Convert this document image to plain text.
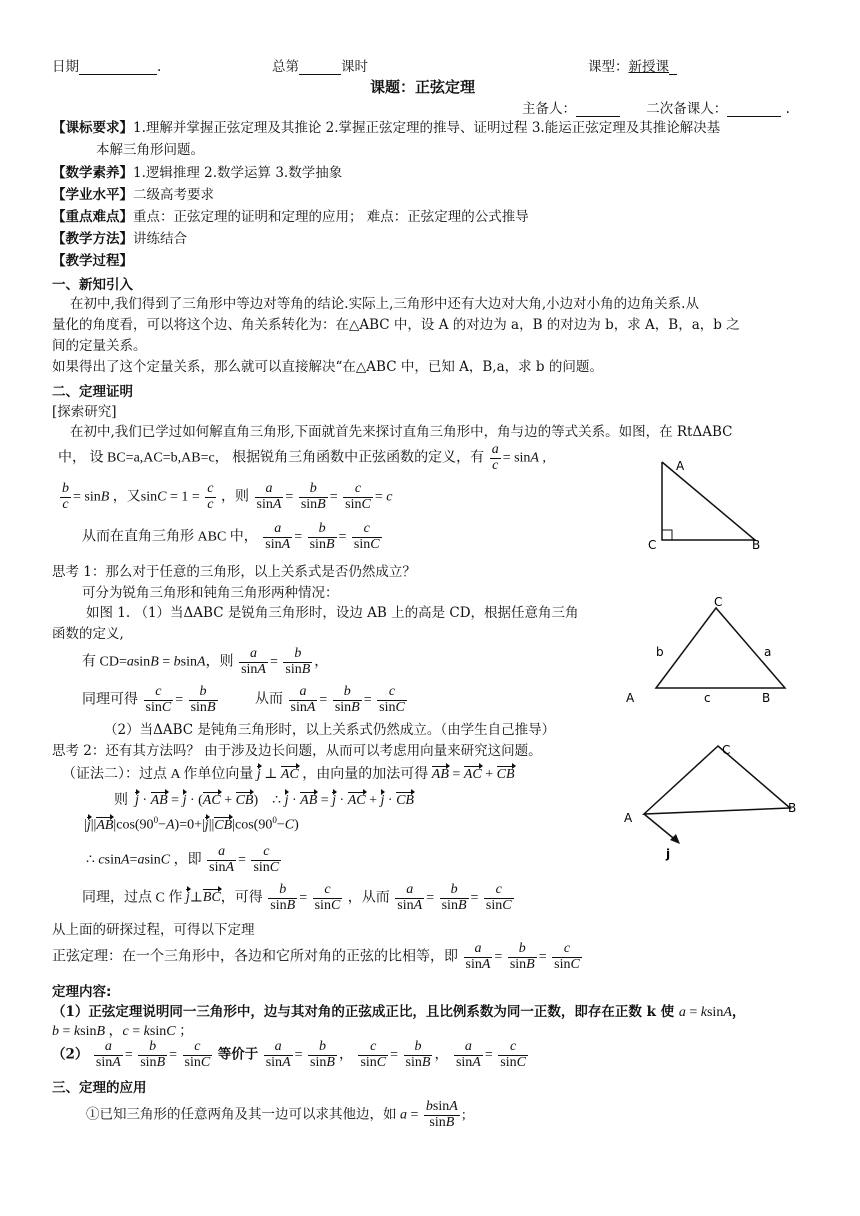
日期	.	总第	课时	课型：新授课
课题：正弦定理
主备人：	二次备课人：	.
【课标要求】1.理解并掌握正弦定理及其推论 2.掌握正弦定理的推导、证明过程 3.能运正弦定理及其推论解决基
本解三角形问题。
【数学素养】1.逻辑推理 2.数学运算 3.数学抽象
【学业水平】二级高考要求
【重点难点】重点：正弦定理的证明和定理的应用； 难点：正弦定理的公式推导
【教学方法】讲练结合
【教学过程】
一、新知引入
在初中,我们得到了三角形中等边对等角的结论.实际上,三角形中还有大边对大角,小边对小角的边角关系.从
量化的角度看，可以将这个边、角关系转化为：在△ABC 中，设 A 的对边为 a，B 的对边为 b，求 A，B，a，b 之
间的定量关系。
如果得出了这个定量关系，那么就可以直接解决“在△ABC 中，已知 A，B,a，求 b 的问题。
二、定理证明
[探索研究]
在初中,我们已学过如何解直角三角形,下面就首先来探讨直角三角形中，角与边的等式关系。如图，在 RtΔABC
中， 设 BC=a,AC=b,AB=c， 根据锐角三角函数中正弦函数的定义，有 $\frac{a}{c} = \sin A$ ,
$\frac{b}{c} = \sin B$ ，又$\sin C = 1 = \frac{c}{c}$ ，则 $\frac{a}{\sin A} = \frac{b}{\sin B} = \frac{c}{\sin C} = c$
从而在直角三角形 ABC 中， $\frac{a}{\sin A} = \frac{b}{\sin B} = \frac{c}{\sin C}$
A
C	B
思考 1：那么对于任意的三角形，以上关系式是否仍然成立？
可分为锐角三角形和钝角三角形两种情况：
如图 1. （1）当ΔABC 是锐角三角形时，设边 AB 上的高是 CD，根据任意角三角
函数的定义,
有 CD=asinB = bsinA，则 $\frac{a}{\sin A} = \frac{b}{\sin B}$ ，
同理可得 $\frac{c}{\sin C} = \frac{b}{\sin B}$	从而 $\frac{a}{\sin A} = \frac{b}{\sin B} = \frac{c}{\sin C}$
C
b	a
A	c	B
（2）当ΔABC 是钝角三角形时，以上关系式仍然成立。（由学生自己推导）
思考 2：还有其方法吗？ 由于涉及边长问题，从而可以考虑用向量来研究这问题。
（证法二）：过点 A 作单位向量 j ⊥ AC ，由向量的加法可得 AB = AC + CB
则 j · AB = j · (AC + CB)    ∴ j · AB = j · AC + j · CB
$|j||AB|\cos(90^0-A)=0+|j||CB|\cos(90^0-C)$
∴ csinA=asinC ，即 $\frac{a}{\sin A} = \frac{c}{\sin C}$
同理，过点 C 作 j⊥BC，可得 $\frac{b}{\sin B} = \frac{c}{\sin C}$ ，从而 $\frac{a}{\sin A} = \frac{b}{\sin B} = \frac{c}{\sin C}$
C
A
B
j
从上面的研探过程，可得以下定理
正弦定理：在一个三角形中，各边和它所对角的正弦的比相等，即 $\frac{a}{\sin A} = \frac{b}{\sin B} = \frac{c}{\sin C}$
定理内容:
（1）正弦定理说明同一三角形中，边与其对角的正弦成正比，且比例系数为同一正数，即存在正数 k 使 a = ksinA，
b = ksinB ，c = ksinC ；
$(2) \frac{a}{\sin A} = \frac{b}{\sin B} = \frac{c}{\sin C}$ 等价于 $\frac{a}{\sin A} = \frac{b}{\sin B}$ ， $\frac{c}{\sin C} = \frac{b}{\sin B}$ ， $\frac{a}{\sin A} = \frac{c}{\sin C}$
三、定理的应用
①已知三角形的任意两角及其一边可以求其他边，如 $a = \frac{bsinA}{\sin B}$ ;
